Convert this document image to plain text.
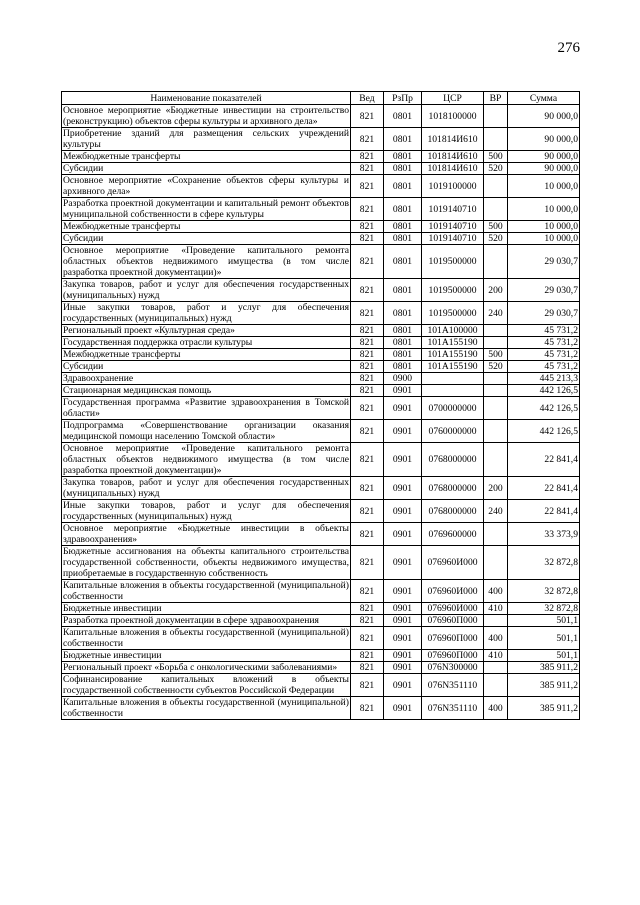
276
Наименование показателей	Вед	РзПр	ЦСР	ВР	Сумма
Основное мероприятие «Бюджетные инвестиции на строительство (реконструкцию) объектов сферы культуры и архивного дела»	821	0801	1018100000		90 000,0
Приобретение зданий для размещения сельских учреждений культуры	821	0801	101814И610		90 000,0
Межбюджетные трансферты	821	0801	101814И610	500	90 000,0
Субсидии	821	0801	101814И610	520	90 000,0
Основное мероприятие «Сохранение объектов сферы культуры и архивного дела»	821	0801	1019100000		10 000,0
Разработка проектной документации и капитальный ремонт объектов муниципальной собственности в сфере культуры	821	0801	1019140710		10 000,0
Межбюджетные трансферты	821	0801	1019140710	500	10 000,0
Субсидии	821	0801	1019140710	520	10 000,0
Основное мероприятие «Проведение капитального ремонта областных объектов недвижимого имущества (в том числе разработка проектной документации)»	821	0801	1019500000		29 030,7
Закупка товаров, работ и услуг для обеспечения государственных (муниципальных) нужд	821	0801	1019500000	200	29 030,7
Иные закупки товаров, работ и услуг для обеспечения государственных (муниципальных) нужд	821	0801	1019500000	240	29 030,7
Региональный проект «Культурная среда»	821	0801	101A100000		45 731,2
Государственная поддержка отрасли культуры	821	0801	101A155190		45 731,2
Межбюджетные трансферты	821	0801	101A155190	500	45 731,2
Субсидии	821	0801	101A155190	520	45 731,2
Здравоохранение	821	0900			445 213,3
Стационарная медицинская помощь	821	0901			442 126,5
Государственная программа «Развитие здравоохранения в Томской области»	821	0901	0700000000		442 126,5
Подпрограмма «Совершенствование организации оказания медицинской помощи населению Томской области»	821	0901	0760000000		442 126,5
Основное мероприятие «Проведение капитального ремонта областных объектов недвижимого имущества (в том числе разработка проектной документации)»	821	0901	0768000000		22 841,4
Закупка товаров, работ и услуг для обеспечения государственных (муниципальных) нужд	821	0901	0768000000	200	22 841,4
Иные закупки товаров, работ и услуг для обеспечения государственных (муниципальных) нужд	821	0901	0768000000	240	22 841,4
Основное мероприятие «Бюджетные инвестиции в объекты здравоохранения»	821	0901	0769600000		33 373,9
Бюджетные ассигнования на объекты капитального строительства государственной собственности, объекты недвижимого имущества, приобретаемые в государственную собственность	821	0901	076960И000		32 872,8
Капитальные вложения в объекты государственной (муниципальной) собственности	821	0901	076960И000	400	32 872,8
Бюджетные инвестиции	821	0901	076960И000	410	32 872,8
Разработка проектной документации в сфере здравоохранения	821	0901	076960П000		501,1
Капитальные вложения в объекты государственной (муниципальной) собственности	821	0901	076960П000	400	501,1
Бюджетные инвестиции	821	0901	076960П000	410	501,1
Региональный проект «Борьба с онкологическими заболеваниями»	821	0901	076N300000		385 911,2
Софинансирование капитальных вложений в объекты государственной собственности субъектов Российской Федерации	821	0901	076N351110		385 911,2
Капитальные вложения в объекты государственной (муниципальной) собственности	821	0901	076N351110	400	385 911,2
